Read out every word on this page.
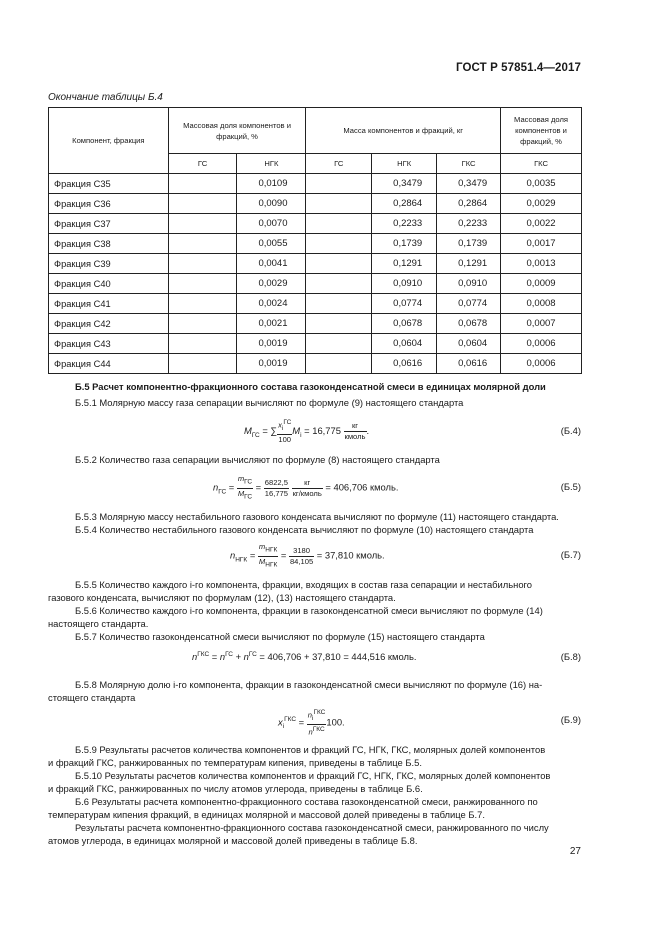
ГОСТ Р 57851.4—2017
Окончание таблицы Б.4
Компонент, фракция	Массовая доля компонентов и фракций, %		Масса компонентов и фракций, кг			Массовая доля компонентов и фракций, %
	ГС	НГК	ГС	НГК	ГКС	ГКС
Фракция С35		0,0109		0,3479	0,3479	0,0035
Фракция С36		0,0090		0,2864	0,2864	0,0029
Фракция С37		0,0070		0,2233	0,2233	0,0022
Фракция С38		0,0055		0,1739	0,1739	0,0017
Фракция С39		0,0041		0,1291	0,1291	0,0013
Фракция С40		0,0029		0,0910	0,0910	0,0009
Фракция С41		0,0024		0,0774	0,0774	0,0008
Фракция С42		0,0021		0,0678	0,0678	0,0007
Фракция С43		0,0019		0,0604	0,0604	0,0006
Фракция С44		0,0019		0,0616	0,0616	0,0006
Б.5 Расчет компонентно-фракционного состава газоконденсатной смеси в единицах молярной доли
Б.5.1 Молярную массу газа сепарации вычисляют по формуле (9) настоящего стандарта
$M_{ГС}$ = ∑ $\frac{x_i^{ГС}}{100} M_i = 16,775 \frac{кг}{\text{кмоль}}$ .	(Б.4)
Б.5.2 Количество газа сепарации вычисляют по формуле (8) настоящего стандарта
$n_{ГС} = \frac{m_{ГС}}{M_{ГС}} = \frac{6822,5}{16,775}$
$\frac{кг}{\text{кг/кмоль}} = 406,706$ кмоль.	(Б.5)
Б.5.3 Молярную массу нестабильного газового конденсата вычисляют по формуле (11) настоящего стандарта.
Б.5.4 Количество нестабильного газового конденсата вычисляют по формуле (10) настоящего стандарта
$n_{НГК} = \frac{m_{НГК}}{M_{НГК}} = \frac{3180}{84,105} = 37,810$ кмоль.	(Б.7)
Б.5.5 Количество каждого i-го компонента, фракции, входящих в состав газа сепарации и нестабильного
газового конденсата, вычисляют по формулам (12), (13) настоящего стандарта.
Б.5.6 Количество каждого i-го компонента, фракции в газоконденсатной смеси вычисляют по формуле (14)
настоящего стандарта.
Б.5.7 Количество газоконденсатной смеси вычисляют по формуле (15) настоящего стандарта
$n^{ГКС} = n^{ГС} + n^{ГС} = 406,706 + 37,810 = 444,516$ кмоль.	(Б.8)
Б.5.8 Молярную долю i-го компонента, фракции в газоконденсатной смеси вычисляют по формуле (16) на-
стоящего стандарта
$x_i^{ГКС} = \frac{n_i^{ГКС}}{n^{ГКС}} 100$.	(Б.9)
Б.5.9 Результаты расчетов количества компонентов и фракций ГС, НГК, ГКС, молярных долей компонентов
и фракций ГКС, ранжированных по температурам кипения, приведены в таблице Б.5.
Б.5.10 Результаты расчетов количества компонентов и фракций ГС, НГК, ГКС, молярных долей компонентов
и фракций ГКС, ранжированных по числу атомов углерода, приведены в таблице Б.6.
Б.6 Результаты расчета компонентно-фракционного состава газоконденсатной смеси, ранжированного по
температурам кипения фракций, в единицах молярной и массовой долей приведены в таблице Б.7.
Результаты расчета компонентно-фракционного состава газоконденсатной смеси, ранжированного по числу
атомов углерода, в единицах молярной и массовой долей приведены в таблице Б.8.
27
